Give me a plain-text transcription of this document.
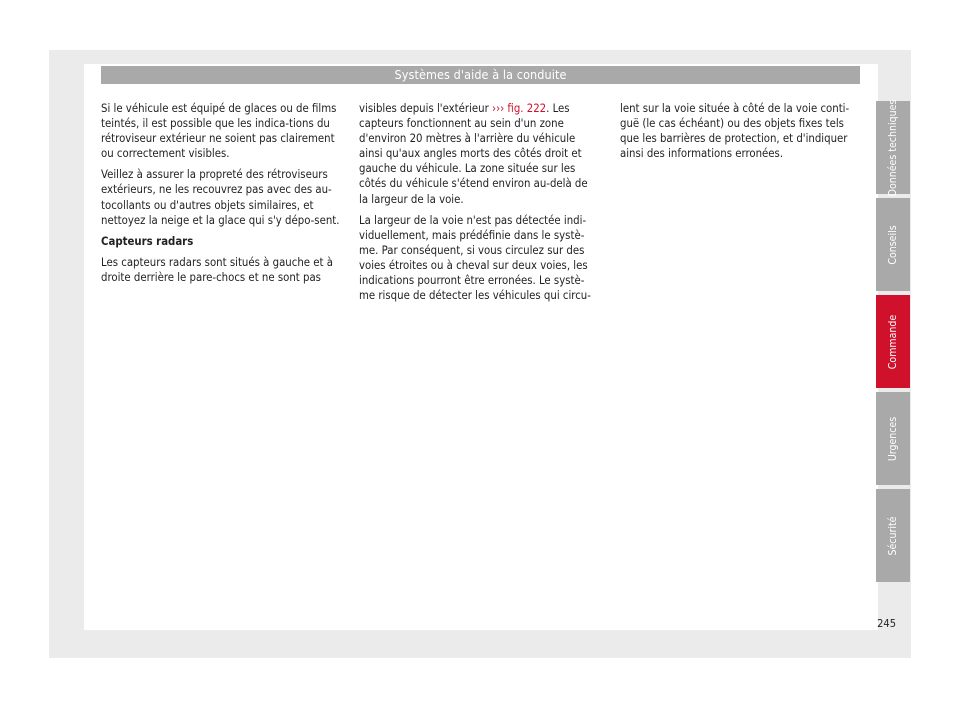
Systèmes d'aide à la conduite

Si le véhicule est équipé de glaces ou de films teintés, il est possible que les indica-tions du rétroviseur extérieur ne soient pas clairement ou correctement visibles.

Veillez à assurer la propreté des rétroviseurs extérieurs, ne les recouvrez pas avec des au-tocollants ou d'autres objets similaires, et nettoyez la neige et la glace qui s'y dépo-sent.

Capteurs radars

Les capteurs radars sont situés à gauche et à droite derrière le pare-chocs et ne sont pas

visibles depuis l'extérieur ››› fig. 222. Les capteurs fonctionnent au sein d'un zone d'environ 20 mètres à l'arrière du véhicule ainsi qu'aux angles morts des côtés droit et gauche du véhicule. La zone située sur les côtés du véhicule s'étend environ au-delà de la largeur de la voie.

La largeur de la voie n'est pas détectée indi-viduellement, mais prédéfinie dans le systè-me. Par conséquent, si vous circulez sur des voies étroites ou à cheval sur deux voies, les indications pourront être erronées. Le systè-me risque de détecter les véhicules qui circu-

lent sur la voie située à côté de la voie conti-guë (le cas échéant) ou des objets fixes tels que les barrières de protection, et d'indiquer ainsi des informations erronées.	Données techniques
Conseils
Commande
Urgences
Sécurité
245
